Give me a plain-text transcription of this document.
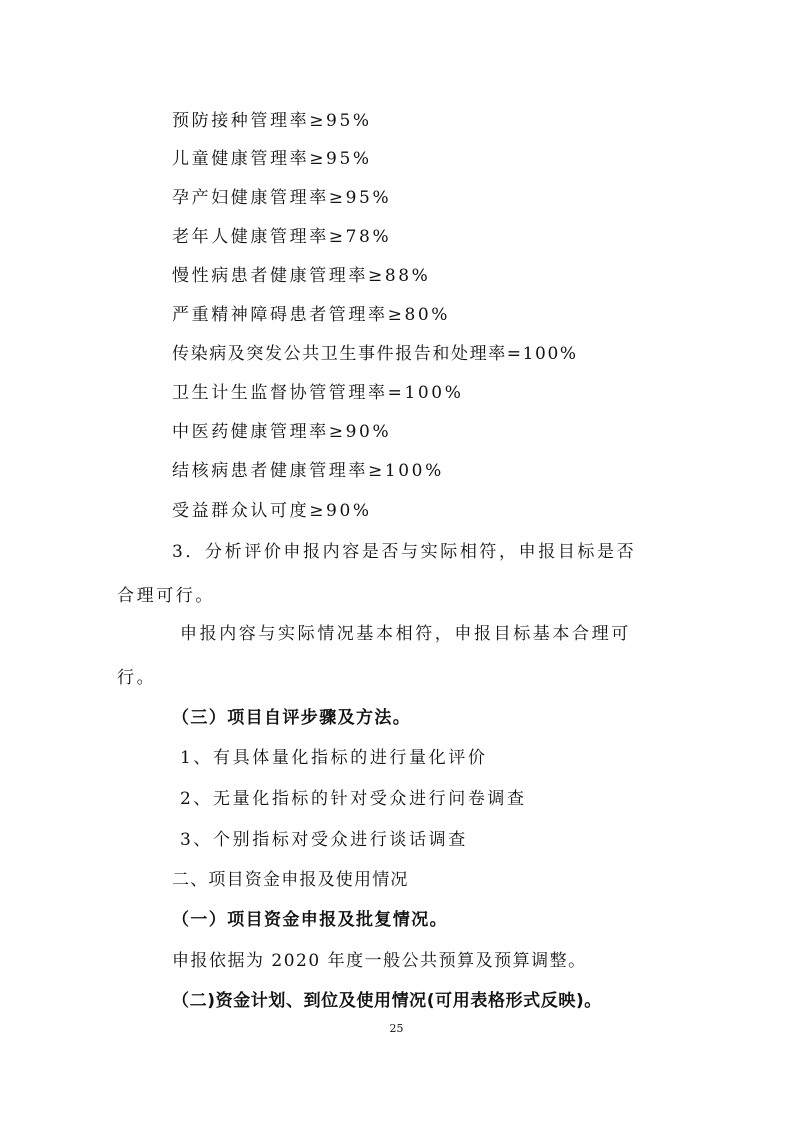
预防接种管理率≥95%
儿童健康管理率≥95%
孕产妇健康管理率≥95%
老年人健康管理率≥78%
慢性病患者健康管理率≥88%
严重精神障碍患者管理率≥80%
传染病及突发公共卫生事件报告和处理率=100%
卫生计生监督协管管理率=100%
中医药健康管理率≥90%
结核病患者健康管理率≥100%
受益群众认可度≥90%
3．分析评价申报内容是否与实际相符，申报目标是否
合理可行。
申报内容与实际情况基本相符，申报目标基本合理可
行。
（三）项目自评步骤及方法。
1、有具体量化指标的进行量化评价
2、无量化指标的针对受众进行问卷调查
3、个别指标对受众进行谈话调查
二、项目资金申报及使用情况
（一）项目资金申报及批复情况。
申报依据为 2020 年度一般公共预算及预算调整。
（二)资金计划、到位及使用情况(可用表格形式反映)。
25
